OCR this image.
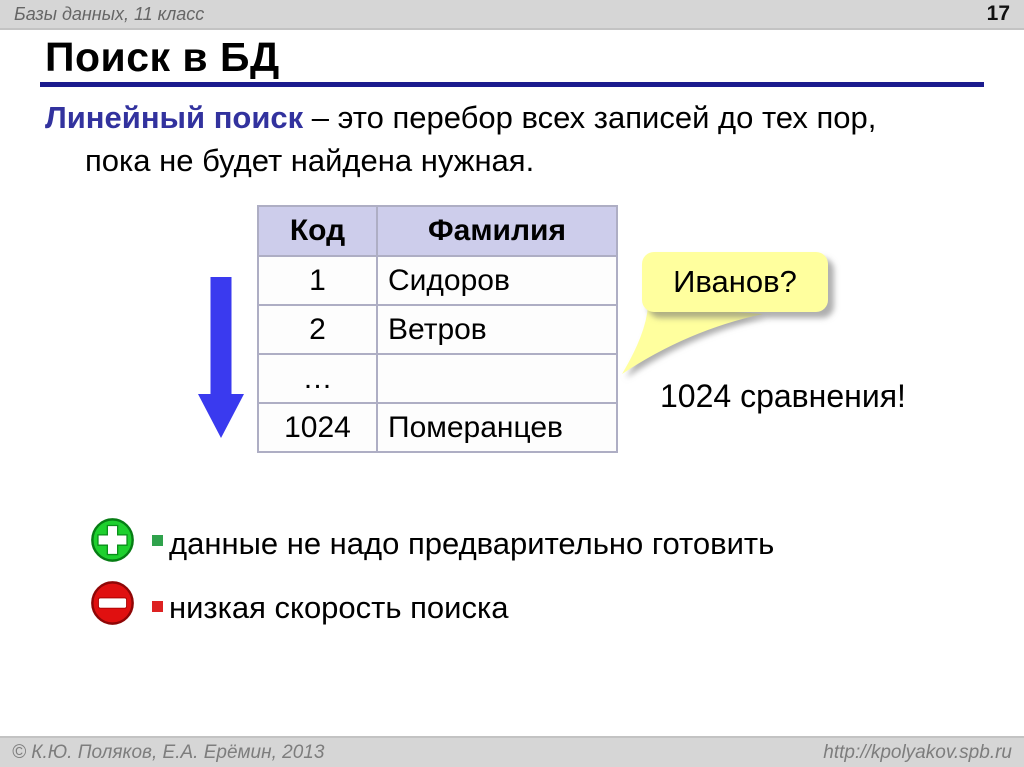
Базы данных, 11 класс	17
Поиск в БД
Линейный поиск – это перебор всех записей до тех пор,
пока не будет найдена нужная.
Код	Фамилия
1	Сидоров
2	Ветров
…	
1024	Померанцев
Иванов?
1024 сравнения!
данные не надо предварительно готовить
низкая скорость поиска
© К.Ю. Поляков, Е.А. Ерёмин, 2013	http://kpolyakov.spb.ru
